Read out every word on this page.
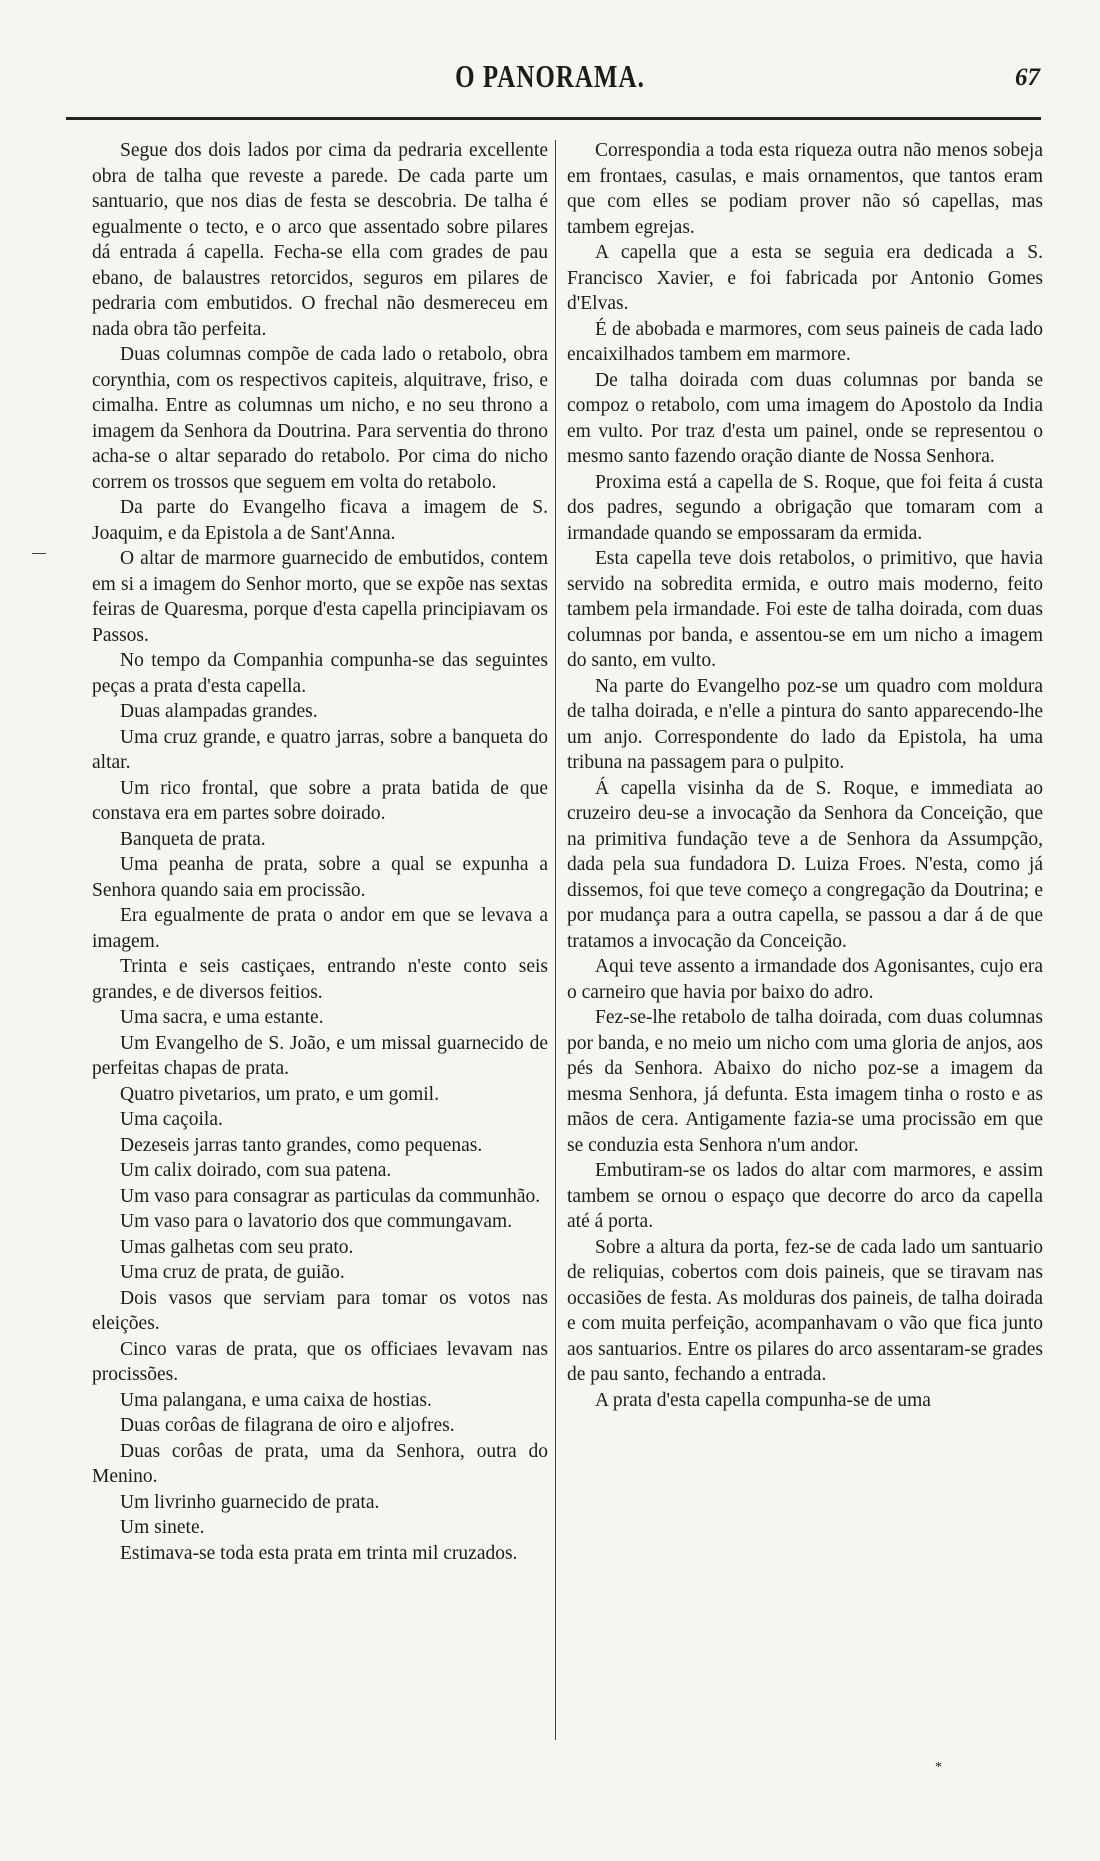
O PANORAMA.	67

Segue dos dois lados por cima da pedraria excellente obra de talha que reveste a parede. De cada parte um santuario, que nos dias de festa se descobria. De talha é egualmente o tecto, e o arco que assentado sobre pilares dá entrada á capella. Fecha-se ella com grades de pau ebano, de balaustres retorcidos, seguros em pilares de pedraria com embutidos. O frechal não desmereceu em nada obra tão perfeita.

Duas columnas compõe de cada lado o retabolo, obra corynthia, com os respectivos capiteis, alquitrave, friso, e cimalha. Entre as columnas um nicho, e no seu throno a imagem da Senhora da Doutrina. Para serventia do throno acha-se o altar separado do retabolo. Por cima do nicho correm os trossos que seguem em volta do retabolo.

Da parte do Evangelho ficava a imagem de S. Joaquim, e da Epistola a de Sant'Anna.

O altar de marmore guarnecido de embutidos, contem em si a imagem do Senhor morto, que se expõe nas sextas feiras de Quaresma, porque d'esta capella principiavam os Passos.

No tempo da Companhia compunha-se das seguintes peças a prata d'esta capella.

Duas alampadas grandes.

Uma cruz grande, e quatro jarras, sobre a banqueta do altar.

Um rico frontal, que sobre a prata batida de que constava era em partes sobre doirado.

Banqueta de prata.

Uma peanha de prata, sobre a qual se expunha a Senhora quando saia em procissão.

Era egualmente de prata o andor em que se levava a imagem.

Trinta e seis castiçaes, entrando n'este conto seis grandes, e de diversos feitios.

Uma sacra, e uma estante.

Um Evangelho de S. João, e um missal guarnecido de perfeitas chapas de prata.

Quatro pivetarios, um prato, e um gomil.

Uma caçoila.

Dezeseis jarras tanto grandes, como pequenas.

Um calix doirado, com sua patena.

Um vaso para consagrar as particulas da communhão.

Um vaso para o lavatorio dos que commungavam.

Umas galhetas com seu prato.

Uma cruz de prata, de guião.

Dois vasos que serviam para tomar os votos nas eleições.

Cinco varas de prata, que os officiaes levavam nas procissões.

Uma palangana, e uma caixa de hostias.

Duas corôas de filagrana de oiro e aljofres.

Duas corôas de prata, uma da Senhora, outra do Menino.

Um livrinho guarnecido de prata.

Um sinete.

Estimava-se toda esta prata em trinta mil cruzados.

Correspondia a toda esta riqueza outra não menos sobeja em frontaes, casulas, e mais ornamentos, que tantos eram que com elles se podiam prover não só capellas, mas tambem egrejas.

A capella que a esta se seguia era dedicada a S. Francisco Xavier, e foi fabricada por Antonio Gomes d'Elvas.

É de abobada e marmores, com seus paineis de cada lado encaixilhados tambem em marmore.

De talha doirada com duas columnas por banda se compoz o retabolo, com uma imagem do Apostolo da India em vulto. Por traz d'esta um painel, onde se representou o mesmo santo fazendo oração diante de Nossa Senhora.

Proxima está a capella de S. Roque, que foi feita á custa dos padres, segundo a obrigação que tomaram com a irmandade quando se empossaram da ermida.

Esta capella teve dois retabolos, o primitivo, que havia servido na sobredita ermida, e outro mais moderno, feito tambem pela irmandade. Foi este de talha doirada, com duas columnas por banda, e assentou-se em um nicho a imagem do santo, em vulto.

Na parte do Evangelho poz-se um quadro com moldura de talha doirada, e n'elle a pintura do santo apparecendo-lhe um anjo. Correspondente do lado da Epistola, ha uma tribuna na passagem para o pulpito.

Á capella visinha da de S. Roque, e immediata ao cruzeiro deu-se a invocação da Senhora da Conceição, que na primitiva fundação teve a de Senhora da Assumpção, dada pela sua fundadora D. Luiza Froes. N'esta, como já dissemos, foi que teve começo a congregação da Doutrina; e por mudança para a outra capella, se passou a dar á de que tratamos a invocação da Conceição.

Aqui teve assento a irmandade dos Agonisantes, cujo era o carneiro que havia por baixo do adro.

Fez-se-lhe retabolo de talha doirada, com duas columnas por banda, e no meio um nicho com uma gloria de anjos, aos pés da Senhora. Abaixo do nicho poz-se a imagem da mesma Senhora, já defunta. Esta imagem tinha o rosto e as mãos de cera. Antigamente fazia-se uma procissão em que se conduzia esta Senhora n'um andor.

Embutiram-se os lados do altar com marmores, e assim tambem se ornou o espaço que decorre do arco da capella até á porta.

Sobre a altura da porta, fez-se de cada lado um santuario de reliquias, cobertos com dois paineis, que se tiravam nas occasiões de festa. As molduras dos paineis, de talha doirada e com muita perfeição, acompanhavam o vão que fica junto aos santuarios. Entre os pilares do arco assentaram-se grades de pau santo, fechando a entrada.

A prata d'esta capella compunha-se de uma

*
